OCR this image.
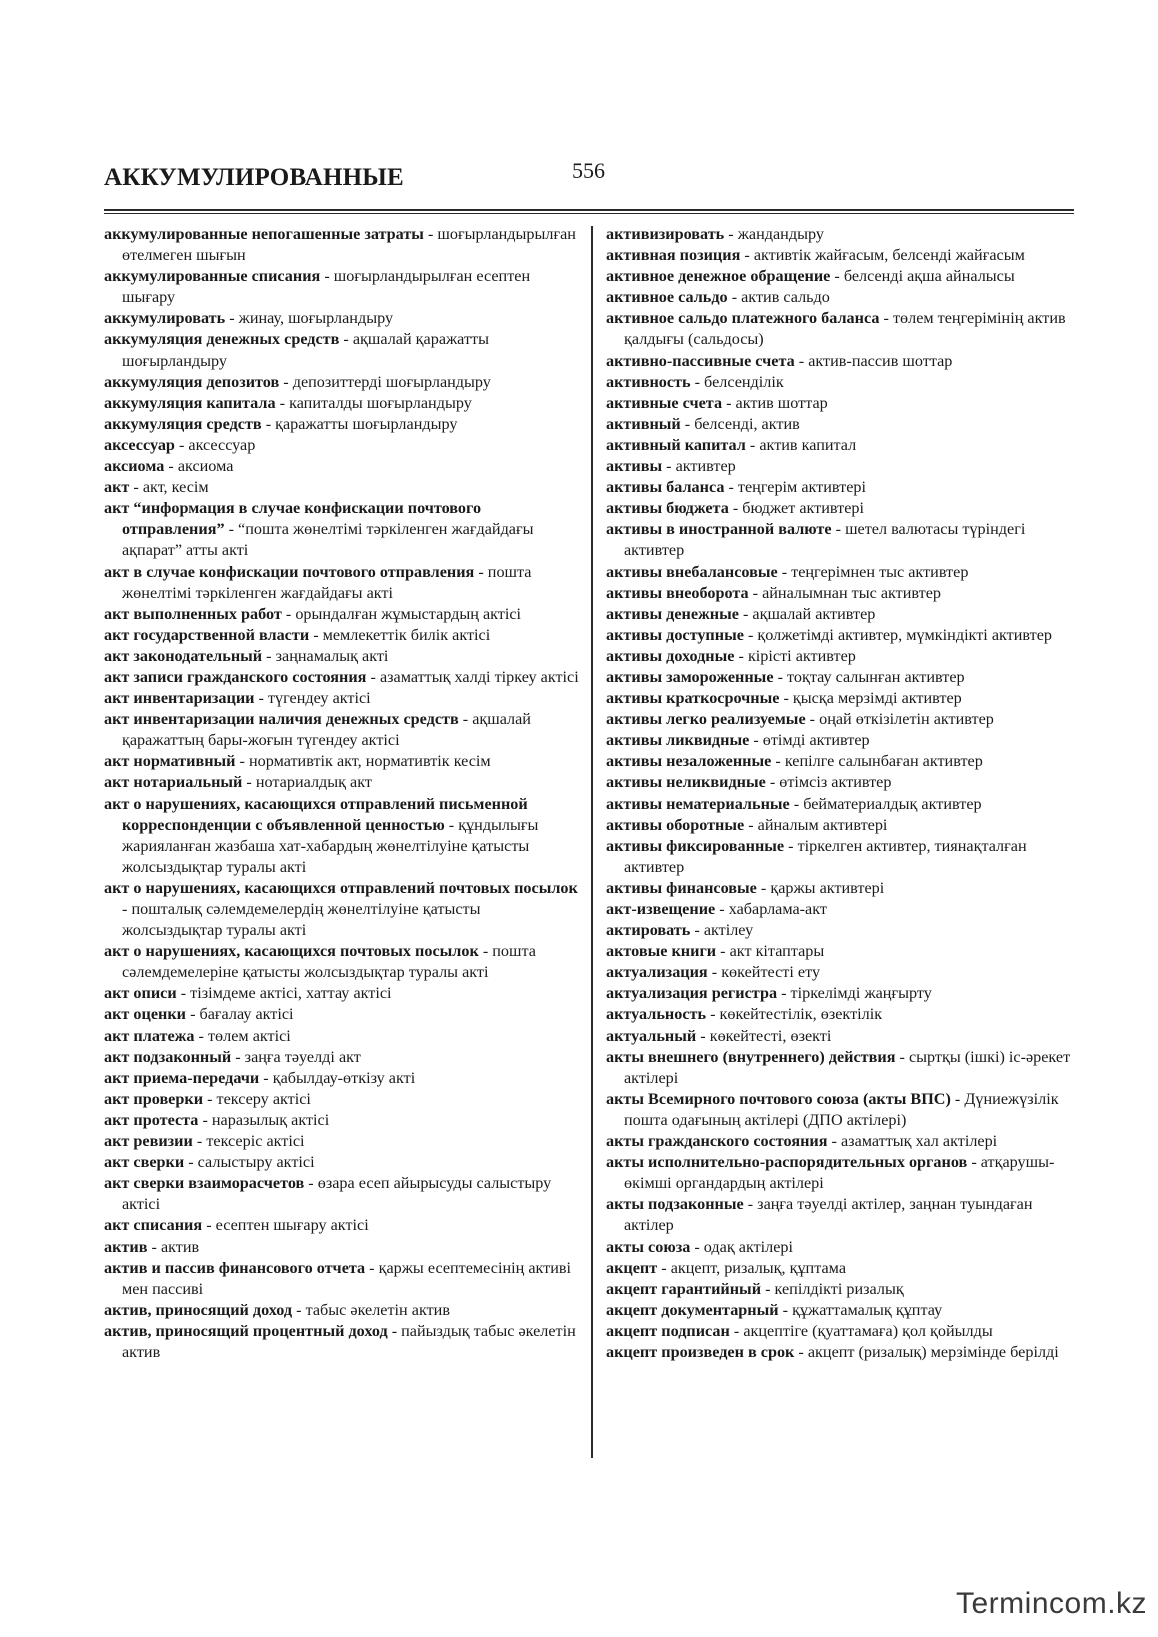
АККУМУЛИРОВАННЫЕ	556
аккумулированные непогашенные затраты - шоғырландырылған өтелмеген шығын
аккумулированные списания - шоғырландырылған есептен шығару
аккумулировать - жинау, шоғырландыру
аккумуляция денежных средств - ақшалай қаражатты шоғырландыру
аккумуляция депозитов - депозиттерді шоғырландыру
аккумуляция капитала - капиталды шоғырландыру
аккумуляция средств - қаражатты шоғырландыру
аксессуар - аксессуар
аксиома - аксиома
акт - акт, кесім
акт “информация в случае конфискации почтового отправления” - “пошта жөнелтімі тәркіленген жағдайдағы ақпарат” атты акті
акт в случае конфискации почтового отправления - пошта жөнелтімі тәркіленген жағдайдағы акті
акт выполненных работ - орындалған жұмыстардың актісі
акт государственной власти - мемлекеттік билік актісі
акт законодательный - заңнамалық акті
акт записи гражданского состояния - азаматтық халді тіркеу актісі
акт инвентаризации - түгендеу актісі
акт инвентаризации наличия денежных средств - ақшалай қаражаттың бары-жоғын түгендеу актісі
акт нормативный - нормативтік акт, нормативтік кесім
акт нотариальный - нотариалдық акт
акт о нарушениях, касающихся отправлений письменной корреспонденции с объявленной ценностью - құндылығы жарияланған жазбаша хат-хабардың жөнелтілуіне қатысты жолсыздықтар туралы акті
акт о нарушениях, касающихся отправлений почтовых посылок - пошталық сәлемдемелердің жөнелтілуіне қатысты жолсыздықтар туралы акті
акт о нарушениях, касающихся почтовых посылок - пошта сәлемдемелеріне қатысты жолсыздықтар туралы акті
акт описи - тізімдеме актісі, хаттау актісі
акт оценки - бағалау актісі
акт платежа - төлем актісі
акт подзаконный - заңға тәуелді акт
акт приема-передачи - қабылдау-өткізу акті
акт проверки - тексеру актісі
акт протеста - наразылық актісі
акт ревизии - тексеріс актісі
акт сверки - салыстыру актісі
акт сверки взаиморасчетов - өзара есеп айырысуды салыстыру актісі
акт списания - есептен шығару актісі
актив - актив
актив и пассив финансового отчета - қаржы есептемесінің активі мен пассиві
актив, приносящий доход - табыс әкелетін актив
актив, приносящий процентный доход - пайыздық табыс әкелетін актив
активизировать - жандандыру
активная позиция - активтік жайғасым, белсенді жайғасым
активное денежное обращение - белсенді ақша айналысы
активное сальдо - актив сальдо
активное сальдо платежного баланса - төлем теңгерімінің актив қалдығы (сальдосы)
активно-пассивные счета - актив-пассив шоттар
активность - белсенділік
активные счета - актив шоттар
активный - белсенді, актив
активный капитал - актив капитал
активы - активтер
активы баланса - теңгерім активтері
активы бюджета - бюджет активтері
активы в иностранной валюте - шетел валютасы түріндегі активтер
активы внебалансовые - теңгерімнен тыс активтер
активы внеоборота - айналымнан тыс активтер
активы денежные - ақшалай активтер
активы доступные - қолжетімді активтер, мүмкіндікті активтер
активы доходные - кірісті активтер
активы замороженные - тоқтау салынған активтер
активы краткосрочные - қысқа мерзімді активтер
активы легко реализуемые - оңай өткізілетін активтер
активы ликвидные - өтімді активтер
активы незаложенные - кепілге салынбаған активтер
активы неликвидные - өтімсіз активтер
активы нематериальные - бейматериалдық активтер
активы оборотные - айналым активтері
активы фиксированные - тіркелген активтер, тиянақталған активтер
активы финансовые - қаржы активтері
акт-извещение - хабарлама-акт
актировать - актілеу
актовые книги - акт кітаптары
актуализация - көкейтесті ету
актуализация регистра - тіркелімді жаңғырту
актуальность - көкейтестілік, өзектілік
актуальный - көкейтесті, өзекті
акты внешнего (внутреннего) действия - сыртқы (ішкі) іс-әрекет актілері
акты Всемирного почтового союза (акты ВПС) - Дүниежүзілік пошта одағының актілері (ДПО актілері)
акты гражданского состояния - азаматтық хал актілері
акты исполнительно-распорядительных органов - атқарушы-өкімші органдардың актілері
акты подзаконные - заңға тәуелді актілер, заңнан туындаған актілер
акты союза - одақ актілері
акцепт - акцепт, ризалық, құптама
акцепт гарантийный - кепілдікті ризалық
акцепт документарный - құжаттамалық құптау
акцепт подписан - акцептіге (қуаттамаға) қол қойылды
акцепт произведен в срок - акцепт (ризалық) мерзімінде берілді
Termincom.kz
